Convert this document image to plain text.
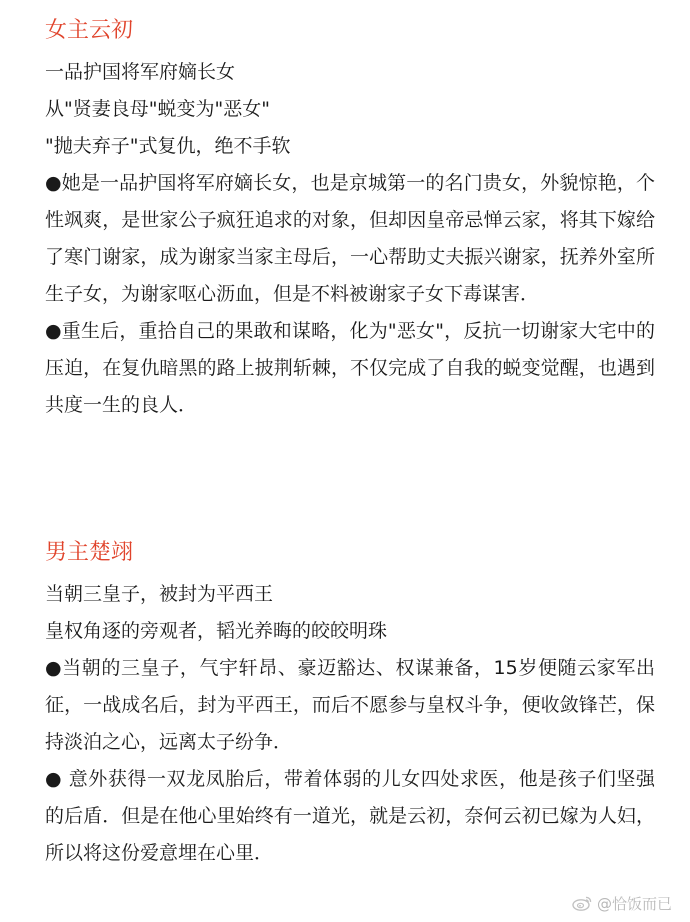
女主云初

一品护国将军府嫡长女

从"贤妻良母"蜕变为"恶女"

"抛夫弃子"式复仇，绝不手软

●她是一品护国将军府嫡长女，也是京城第一的名门贵女，外貌惊艳，个性飒爽，是世家公子疯狂追求的对象，但却因皇帝忌惮云家，将其下嫁给了寒门谢家，成为谢家当家主母后，一心帮助丈夫振兴谢家，抚养外室所生子女，为谢家呕心沥血，但是不料被谢家子女下毒谋害．

●重生后，重拾自己的果敢和谋略，化为"恶女"，反抗一切谢家大宅中的压迫，在复仇暗黑的路上披荆斩棘，不仅完成了自我的蜕变觉醒，也遇到共度一生的良人．

男主楚翊

当朝三皇子，被封为平西王

皇权角逐的旁观者，韬光养晦的皎皎明珠

●当朝的三皇子，气宇轩昂、豪迈豁达、权谋兼备，15岁便随云家军出征，一战成名后，封为平西王，而后不愿参与皇权斗争，便收敛锋芒，保持淡泊之心，远离太子纷争．

● 意外获得一双龙凤胎后，带着体弱的儿女四处求医，他是孩子们坚强的后盾．但是在他心里始终有一道光，就是云初，奈何云初已嫁为人妇，所以将这份爱意埋在心里．

@恰饭而已
